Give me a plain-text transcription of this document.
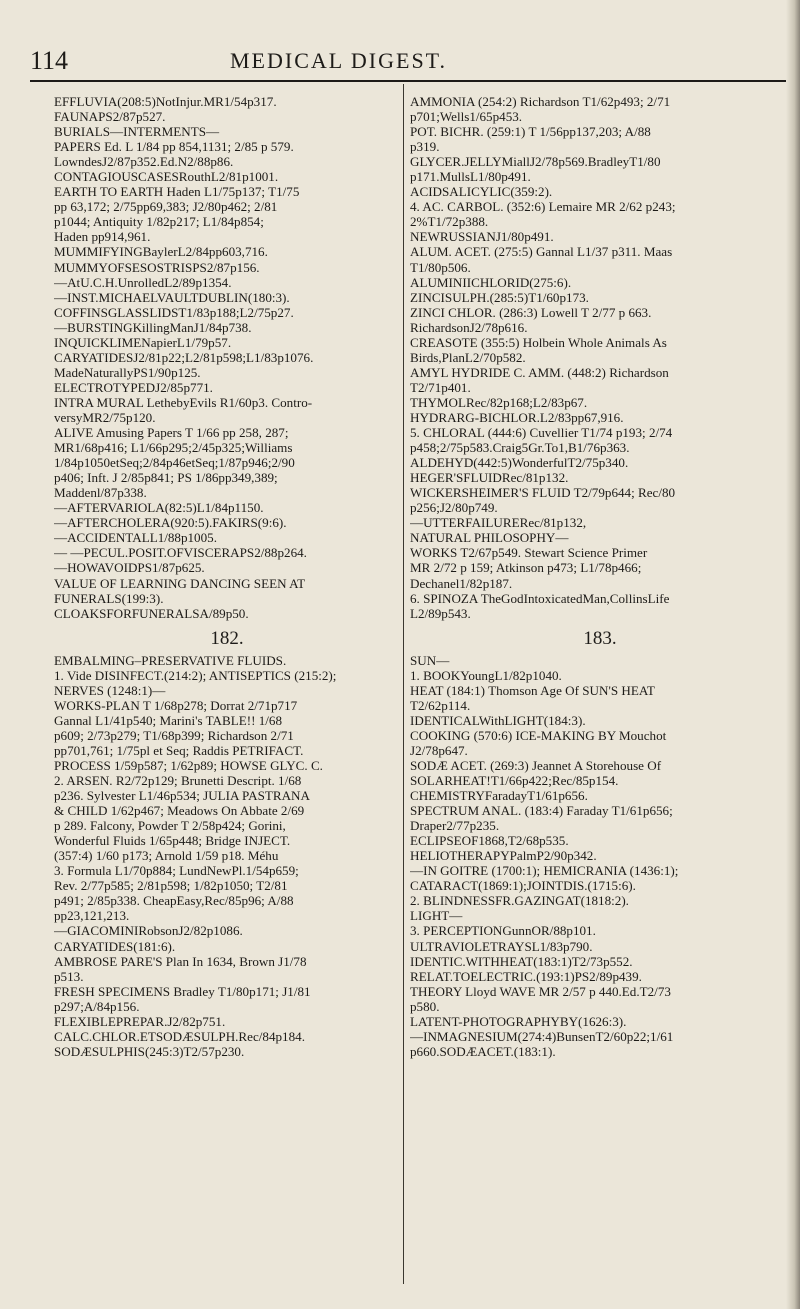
114	MEDICAL DIGEST.
EFFLUVIA(208:5)NotInjur.MR1/54p317.
FAUNAPS2/87p527.
BURIALS—INTERMENTS—
PAPERS Ed. L 1/84 pp 854,1131; 2/85 p 579.
LowndesJ2/87p352.Ed.N2/88p86.
CONTAGIOUSCASESRouthL2/81p1001.
EARTH TO EARTH Haden L1/75p137; T1/75
pp 63,172; 2/75pp69,383; J2/80p462; 2/81
p1044; Antiquity 1/82p217; L1/84p854;
Haden pp914,961.
MUMMIFYINGBaylerL2/84pp603,716.
MUMMYOFSESOSTRISPS2/87p156.
—AtU.C.H.UnrolledL2/89p1354.
—INST.MICHAELVAULTDUBLIN(180:3).
COFFINSGLASSLIDST1/83p188;L2/75p27.
—BURSTINGKillingManJ1/84p738.
INQUICKLIMENapierL1/79p57.
CARYATIDESJ2/81p22;L2/81p598;L1/83p1076.
MadeNaturallyPS1/90p125.
ELECTROTYPEDJ2/85p771.
INTRA MURAL LethebyEvils R1/60p3. Contro-
versyMR2/75p120.
ALIVE Amusing Papers T 1/66 pp 258, 287;
MR1/68p416; L1/66p295;2/45p325;Williams
1/84p1050etSeq;2/84p46etSeq;1/87p946;2/90
p406; Inft. J 2/85p841; PS 1/86pp349,389;
Maddenl/87p338.
—AFTERVARIOLA(82:5)L1/84p1150.
—AFTERCHOLERA(920:5).FAKIRS(9:6).
—ACCIDENTALL1/88p1005.
— —PECUL.POSIT.OFVISCERAPS2/88p264.
—HOWAVOIDPS1/87p625.
VALUE OF LEARNING DANCING SEEN AT
FUNERALS(199:3).
CLOAKSFORFUNERALSA/89p50.
182.
EMBALMING–PRESERVATIVE FLUIDS.
1. Vide DISINFECT.(214:2); ANTISEPTICS (215:2);
NERVES (1248:1)—
WORKS-PLAN T 1/68p278; Dorrat 2/71p717
Gannal L1/41p540; Marini's TABLE!! 1/68
p609; 2/73p279; T1/68p399; Richardson 2/71
pp701,761; 1/75pl et Seq; Raddis PETRIFACT.
PROCESS 1/59p587; 1/62p89; HOWSE GLYC. C.
2. ARSEN. R2/72p129; Brunetti Descript. 1/68
p236. Sylvester L1/46p534; JULIA PASTRANA
& CHILD 1/62p467; Meadows On Abbate 2/69
p 289. Falcony, Powder T 2/58p424; Gorini,
Wonderful Fluids 1/65p448; Bridge INJECT.
(357:4) 1/60 p173; Arnold 1/59 p18. Méhu
3. Formula L1/70p884; LundNewPl.1/54p659;
Rev. 2/77p585; 2/81p598; 1/82p1050; T2/81
p491; 2/85p338. CheapEasy,Rec/85p96; A/88
pp23,121,213.
—GIACOMINIRobsonJ2/82p1086.
CARYATIDES(181:6).
AMBROSE PARE'S Plan In 1634, Brown J1/78
p513.
FRESH SPECIMENS Bradley T1/80p171; J1/81
p297;A/84p156.
FLEXIBLEPREPAR.J2/82p751.
CALC.CHLOR.ETSODÆSULPH.Rec/84p184.
SODÆSULPHIS(245:3)T2/57p230.
AMMONIA (254:2) Richardson T1/62p493; 2/71
p701;Wells1/65p453.
POT. BICHR. (259:1) T 1/56pp137,203; A/88
p319.
GLYCER.JELLYMiallJ2/78p569.BradleyT1/80
p171.MullsL1/80p491.
ACIDSALICYLIC(359:2).
4. AC. CARBOL. (352:6) Lemaire MR 2/62 p243;
2%T1/72p388.
NEWRUSSIANJ1/80p491.
ALUM. ACET. (275:5) Gannal L1/37 p311. Maas
T1/80p506.
ALUMINIICHLORID(275:6).
ZINCISULPH.(285:5)T1/60p173.
ZINCI CHLOR. (286:3) Lowell T 2/77 p 663.
RichardsonJ2/78p616.
CREASOTE (355:5) Holbein Whole Animals As
Birds,PlanL2/70p582.
AMYL HYDRIDE C. AMM. (448:2) Richardson
T2/71p401.
THYMOLRec/82p168;L2/83p67.
HYDRARG-BICHLOR.L2/83pp67,916.
5. CHLORAL (444:6) Cuvellier T1/74 p193; 2/74
p458;2/75p583.Craig5Gr.To1,B1/76p363.
ALDEHYD(442:5)WonderfulT2/75p340.
HEGER'SFLUIDRec/81p132.
WICKERSHEIMER'S FLUID T2/79p644; Rec/80
p256;J2/80p749.
—UTTERFAILURERec/81p132,
NATURAL PHILOSOPHY—
WORKS T2/67p549. Stewart Science Primer
MR 2/72 p 159; Atkinson p473; L1/78p466;
Dechanel1/82p187.
6. SPINOZA TheGodIntoxicatedMan,CollinsLife
L2/89p543.
183.
SUN—
1. BOOKYoungL1/82p1040.
HEAT (184:1) Thomson Age Of SUN'S HEAT
T2/62p114.
IDENTICALWithLIGHT(184:3).
COOKING (570:6) ICE-MAKING BY Mouchot
J2/78p647.
SODÆ ACET. (269:3) Jeannet A Storehouse Of
SOLARHEAT!T1/66p422;Rec/85p154.
CHEMISTRYFaradayT1/61p656.
SPECTRUM ANAL. (183:4) Faraday T1/61p656;
Draper2/77p235.
ECLIPSEOF1868,T2/68p535.
HELIOTHERAPYPalmP2/90p342.
—IN GOITRE (1700:1); HEMICRANIA (1436:1);
CATARACT(1869:1);JOINTDIS.(1715:6).
2. BLINDNESSFR.GAZINGAT(1818:2).
LIGHT—
3. PERCEPTIONGunnOR/88p101.
ULTRAVIOLETRAYSL1/83p790.
IDENTIC.WITHHEAT(183:1)T2/73p552.
RELAT.TOELECTRIC.(193:1)PS2/89p439.
THEORY Lloyd WAVE MR 2/57 p 440.Ed.T2/73
p580.
LATENT-PHOTOGRAPHYBY(1626:3).
—INMAGNESIUM(274:4)BunsenT2/60p22;1/61
p660.SODÆACET.(183:1).
